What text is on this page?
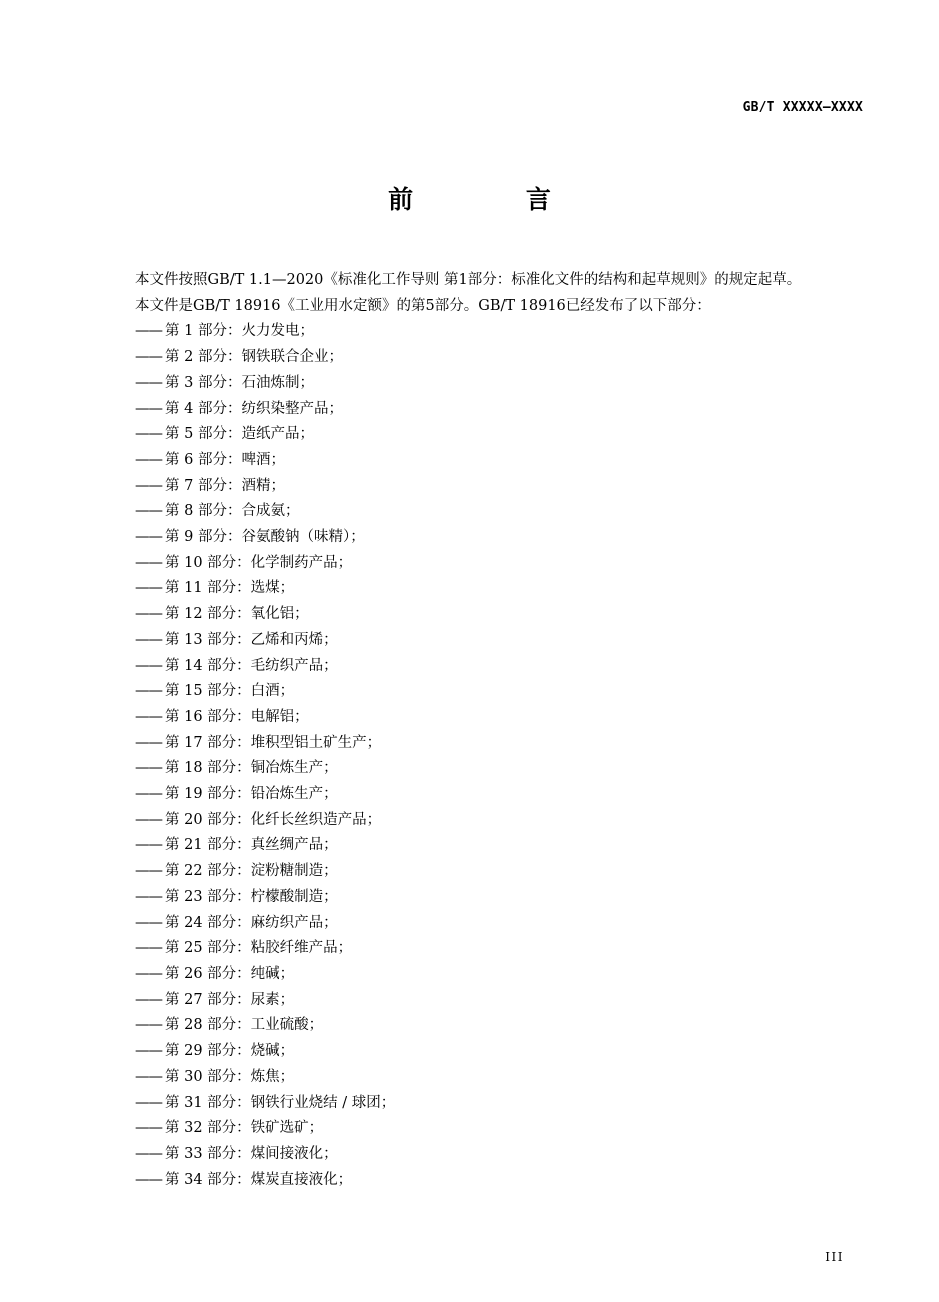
GB/T XXXXX—XXXX
前 言

本文件按照GB/T 1.1—2020《标准化工作导则 第1部分：标准化文件的结构和起草规则》的规定起草。

本文件是GB/T 18916《工业用水定额》的第5部分。GB/T 18916已经发布了以下部分：

—— 第 1 部分：火力发电；
—— 第 2 部分：钢铁联合企业；
—— 第 3 部分：石油炼制；
—— 第 4 部分：纺织染整产品；
—— 第 5 部分：造纸产品；
—— 第 6 部分：啤酒；
—— 第 7 部分：酒精；
—— 第 8 部分：合成氨；
—— 第 9 部分：谷氨酸钠（味精）；
—— 第 10 部分：化学制药产品；
—— 第 11 部分：选煤；
—— 第 12 部分：氧化铝；
—— 第 13 部分：乙烯和丙烯；
—— 第 14 部分：毛纺织产品；
—— 第 15 部分：白酒；
—— 第 16 部分：电解铝；
—— 第 17 部分：堆积型铝土矿生产；
—— 第 18 部分：铜冶炼生产；
—— 第 19 部分：铅冶炼生产；
—— 第 20 部分：化纤长丝织造产品；
—— 第 21 部分：真丝绸产品；
—— 第 22 部分：淀粉糖制造；
—— 第 23 部分：柠檬酸制造；
—— 第 24 部分：麻纺织产品；
—— 第 25 部分：粘胶纤维产品；
—— 第 26 部分：纯碱；
—— 第 27 部分：尿素；
—— 第 28 部分：工业硫酸；
—— 第 29 部分：烧碱；
—— 第 30 部分：炼焦；
—— 第 31 部分：钢铁行业烧结 / 球团；
—— 第 32 部分：铁矿选矿；
—— 第 33 部分：煤间接液化；
—— 第 34 部分：煤炭直接液化；
III
